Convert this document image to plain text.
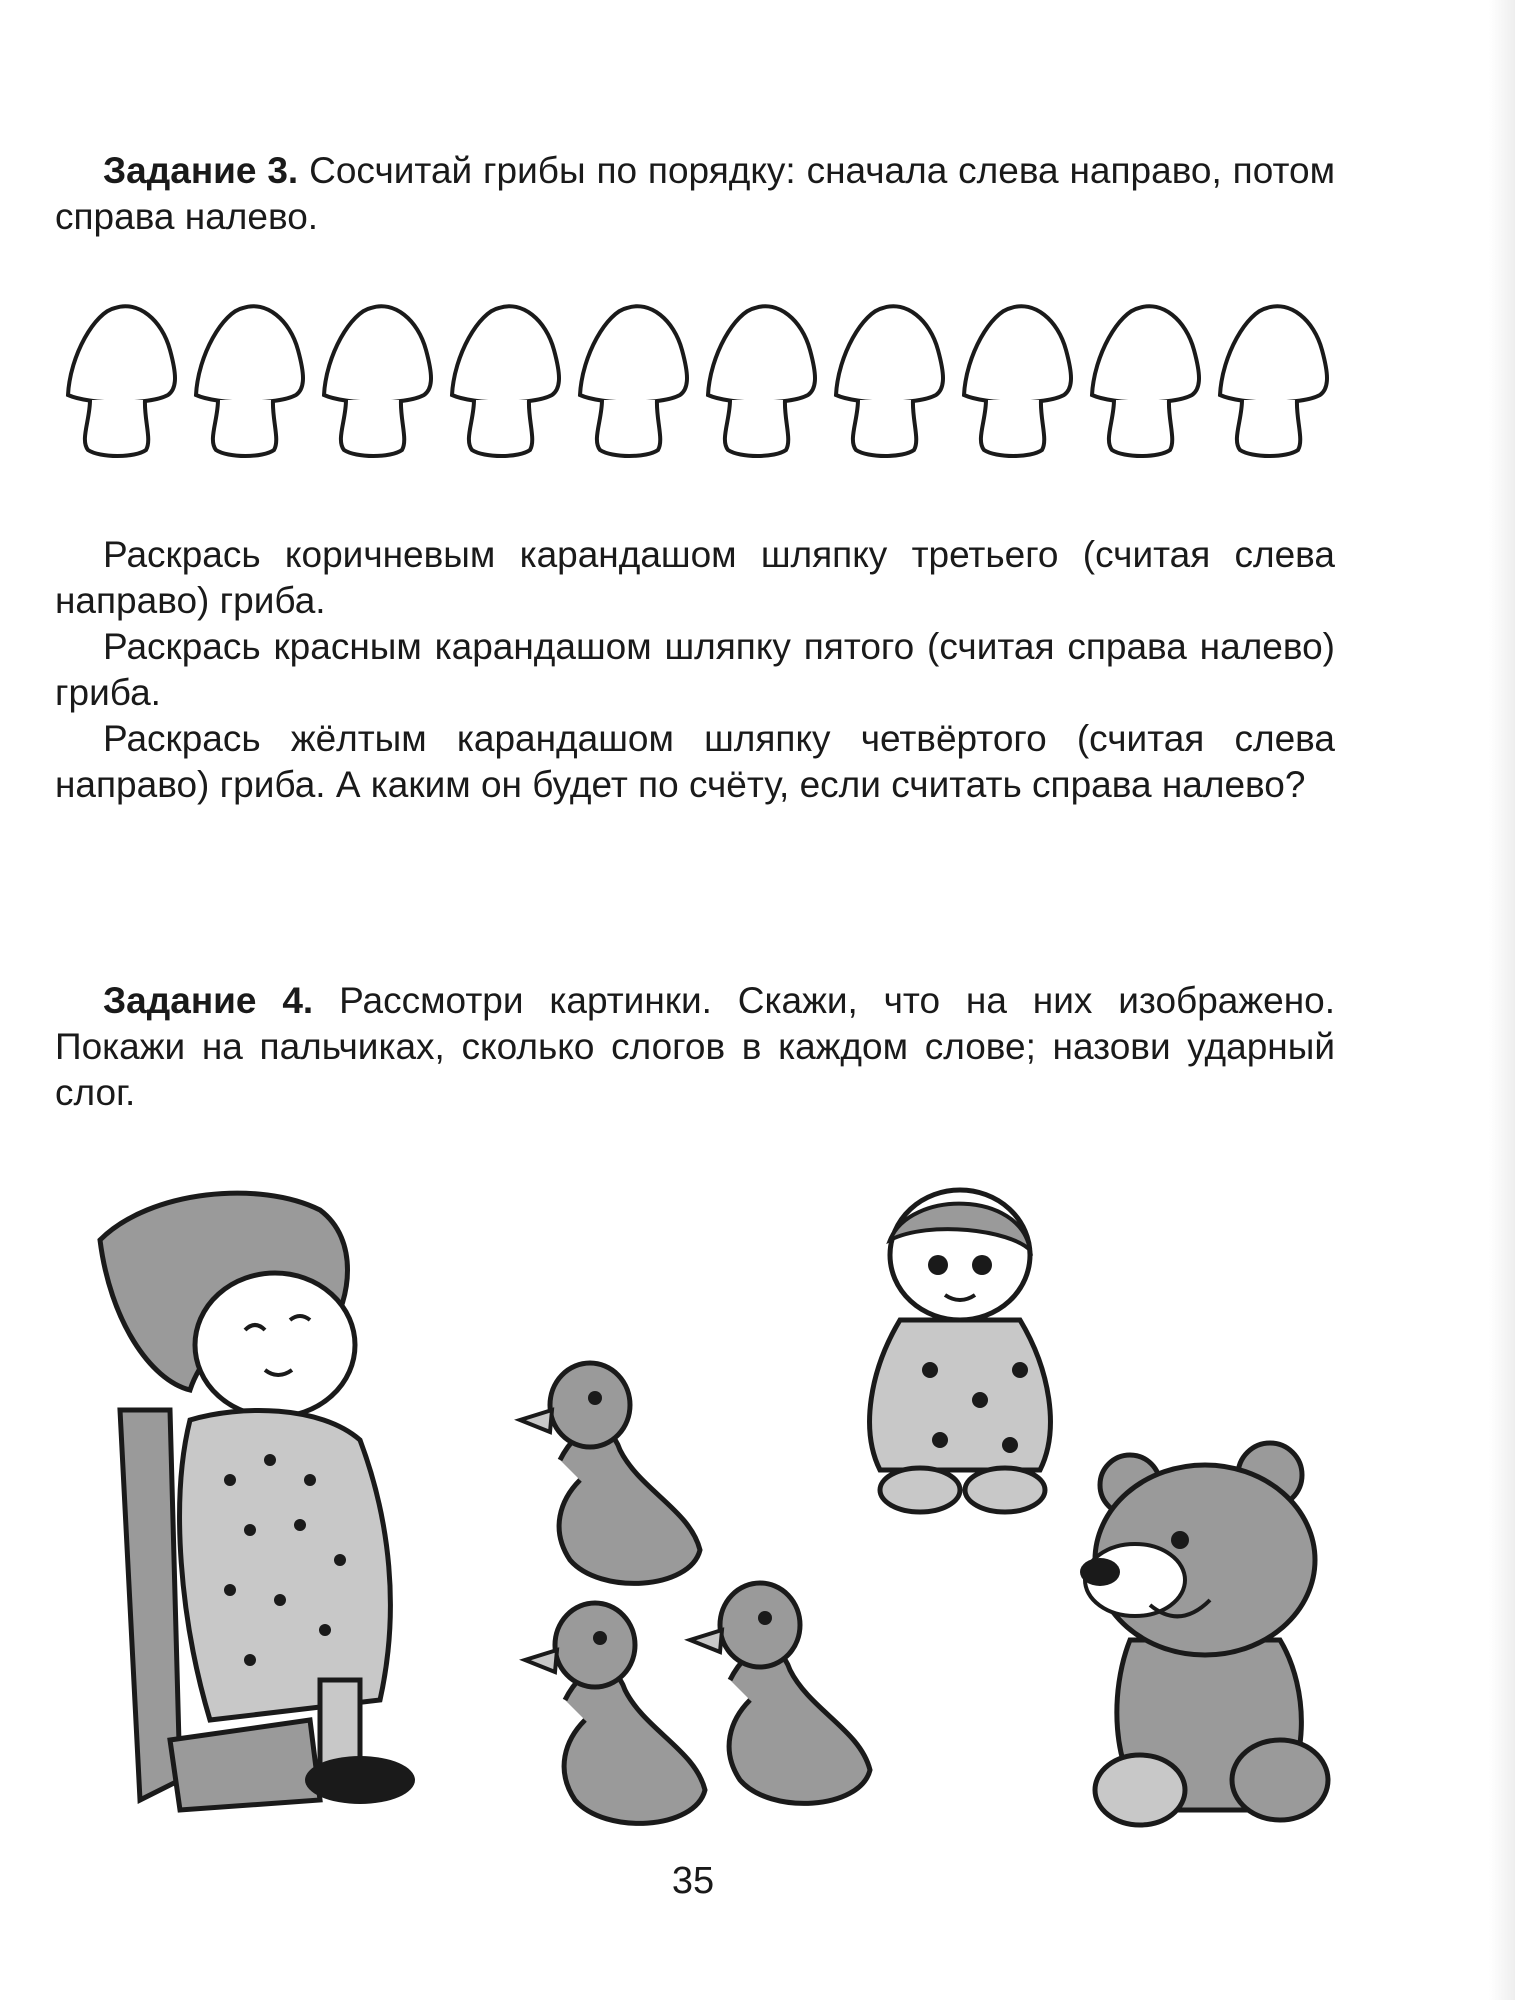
Задание 3. Сосчитай грибы по порядку: сначала слева направо, потом справа налево.

Раскрась коричневым карандашом шляпку третьего (считая слева направо) гриба.

Раскрась красным карандашом шляпку пятого (считая справа налево) гриба.

Раскрась жёлтым карандашом шляпку четвёртого (считая слева направо) гриба. А каким он будет по счёту, если считать справа налево?

Задание 4. Рассмотри картинки. Скажи, что на них изображено. Покажи на пальчиках, сколько слогов в каждом слове; назови ударный слог.

35
